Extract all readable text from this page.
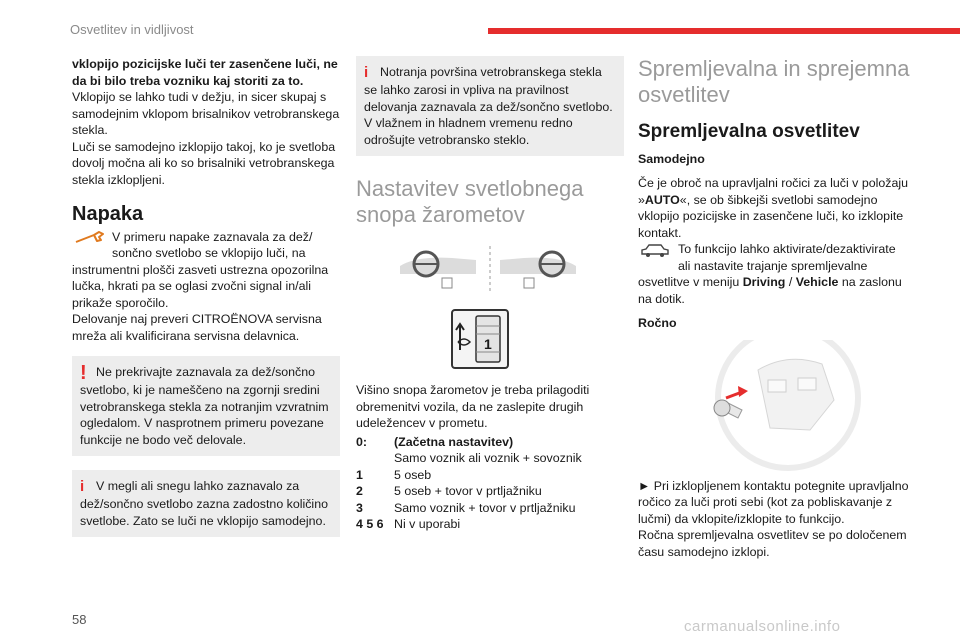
Osvetlitev in vidljivost

vklopijo pozicijske luči ter zasenčene luči, ne da bi bilo treba vozniku kaj storiti za to.

Vklopijo se lahko tudi v dežju, in sicer skupaj s samodejnim vklopom brisalnikov vetrobranskega stekla.

Luči se samodejno izklopijo takoj, ko je svetloba dovolj močna ali ko so brisalniki vetrobranskega stekla izklopljeni.

Napaka
V primeru napake zaznavala za dež/
sončno svetlobo se vklopijo luči, na

instrumentni plošči zasveti ustrezna opozorilna lučka, hkrati pa se oglasi zvočni signal in/ali prikaže sporočilo.

Delovanje naj preveri CITROËNOVA servisna mreža ali kvalificirana servisna delavnica.

! Ne prekrivajte zaznavala za dež/sončno svetlobo, ki je nameščeno na zgornji sredini vetrobranskega stekla za notranjim vzvratnim ogledalom. V nasprotnem primeru povezane funkcije ne bodo več delovale.
i V megli ali snegu lahko zaznavalo za dež/sončno svetlobo zazna zadostno količino svetlobe. Zato se luči ne vklopijo samodejno.
i Notranja površina vetrobranskega stekla se lahko zarosi in vpliva na pravilnost delovanja zaznavala za dež/sončno svetlobo. V vlažnem in hladnem vremenu redno odrošujte vetrobransko steklo.
Nastavitev svetlobnega snopa žarometov
1

Višino snopa žarometov je treba prilagoditi obremenitvi vozila, da ne zaslepite drugih udeležencev v prometu.

0:	(Začetna nastavitev)
Samo voznik ali voznik + sovoznik
1	5 oseb
2	5 oseb + tovor v prtljažniku
3	Samo voznik + tovor v prtljažniku
4 5 6 Ni v uporabi
Spremljevalna in sprejemna osvetlitev
Spremljevalna osvetlitev
Samodejno

Če je obroč na upravljalni ročici za luči v položaju »AUTO«, se ob šibkejši svetlobi samodejno vklopijo pozicijske in zasenčene luči, ko izklopite kontakt.

To funkcijo lahko aktivirate/dezaktivirate
ali nastavite trajanje spremljevalne

osvetlitve v meniju Driving / Vehicle na zaslonu na dotik.

Ročno

► Pri izklopljenem kontaktu potegnite upravljalno ročico za luči proti sebi (kot za pobliskavanje z lučmi) da vklopite/izklopite to funkcijo.

Ročna spremljevalna osvetlitev se po določenem času samodejno izklopi.

58	carmanualsonline.info
